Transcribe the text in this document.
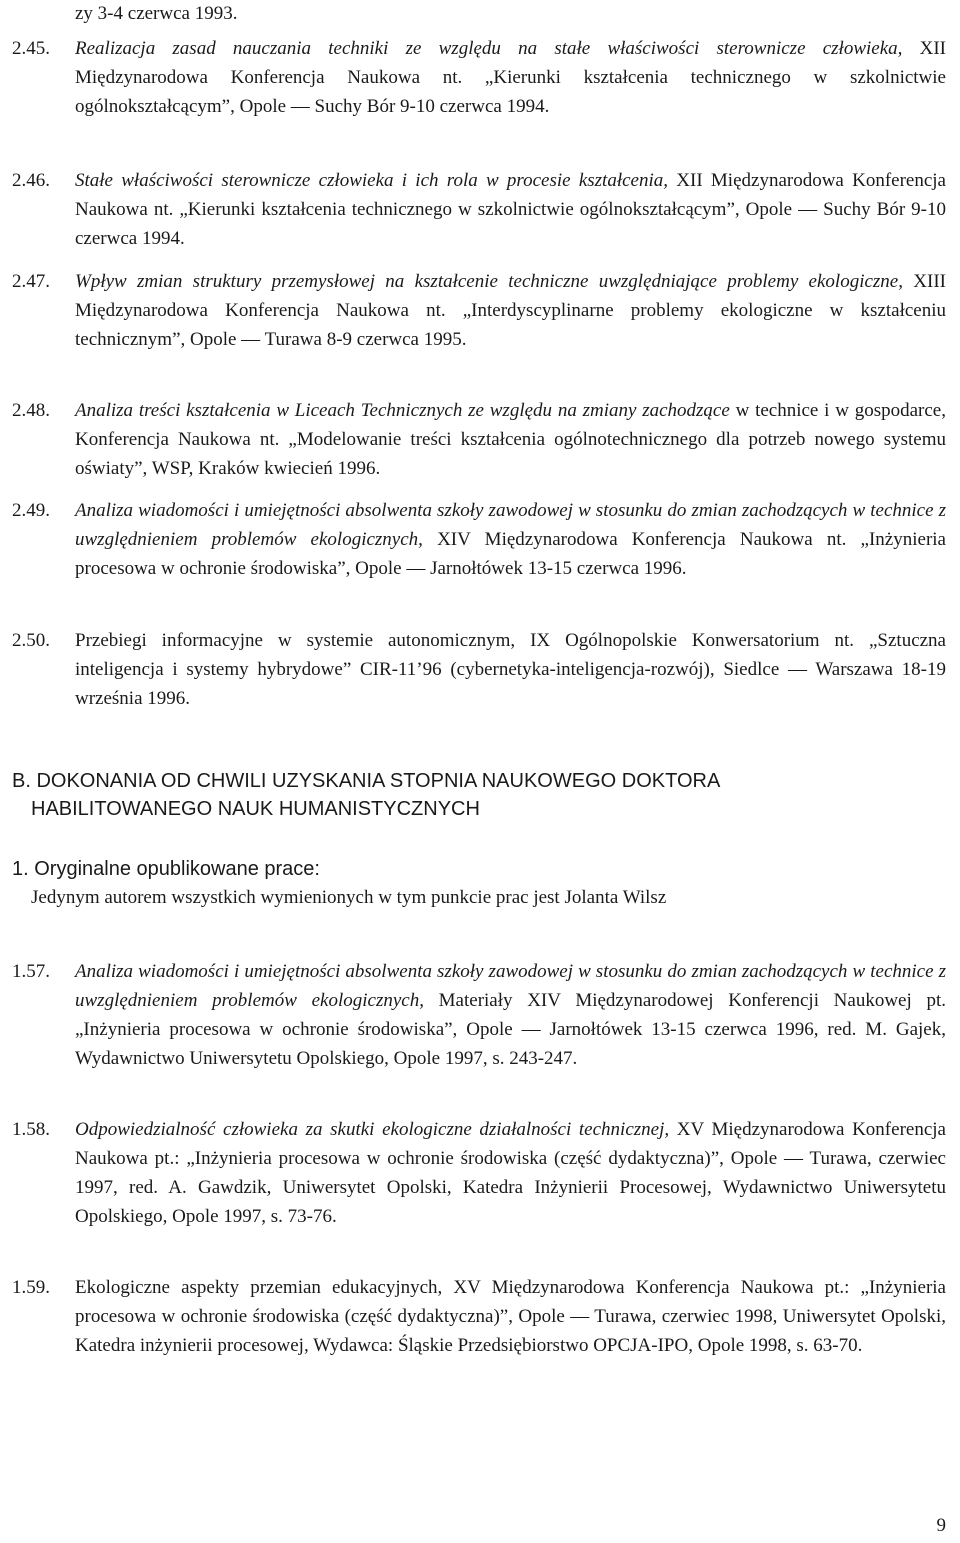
zy 3-4 czerwca 1993.
2.45. Realizacja zasad nauczania techniki ze względu na stałe właściwości sterownicze człowieka, XII Międzynarodowa Konferencja Naukowa nt. „Kierunki kształcenia technicznego w szkolnictwie ogólnokształcącym”, Opole — Suchy Bór 9-10 czerwca 1994.
2.46. Stałe właściwości sterownicze człowieka i ich rola w procesie kształcenia, XII Międzynarodowa Konferencja Naukowa nt. „Kierunki kształcenia technicznego w szkolnictwie ogólnokształcącym”, Opole — Suchy Bór 9-10 czerwca 1994.
2.47. Wpływ zmian struktury przemysłowej na kształcenie techniczne uwzględniające problemy ekologiczne, XIII Międzynarodowa Konferencja Naukowa nt. „Interdyscyplinarne problemy ekologiczne w kształceniu technicznym”, Opole — Turawa 8-9 czerwca 1995.
2.48. Analiza treści kształcenia w Liceach Technicznych ze względu na zmiany zachodzące w technice i w gospodarce, Konferencja Naukowa nt. „Modelowanie treści kształcenia ogólnotechnicznego dla potrzeb nowego systemu oświaty”, WSP, Kraków kwiecień 1996.
2.49. Analiza wiadomości i umiejętności absolwenta szkoły zawodowej w stosunku do zmian zachodzących w technice z uwzględnieniem problemów ekologicznych, XIV Międzynarodowa Konferencja Naukowa nt. „Inżynieria procesowa w ochronie środowiska”, Opole — Jarnołtówek 13-15 czerwca 1996.
2.50. Przebiegi informacyjne w systemie autonomicznym, IX Ogólnopolskie Konwersatorium nt. „Sztuczna inteligencja i systemy hybrydowe” CIR-11’96 (cybernetyka-inteligencja-rozwój), Siedlce — Warszawa 18-19 września 1996.
B. DOKONANIA OD CHWILI UZYSKANIA STOPNIA NAUKOWEGO DOKTORA
HABILITOWANEGO NAUK HUMANISTYCZNYCH
1. Oryginalne opublikowane prace:
Jedynym autorem wszystkich wymienionych w tym punkcie prac jest Jolanta Wilsz
1.57. Analiza wiadomości i umiejętności absolwenta szkoły zawodowej w stosunku do zmian zachodzących w technice z uwzględnieniem problemów ekologicznych, Materiały XIV Międzynarodowej Konferencji Naukowej pt. „Inżynieria procesowa w ochronie środowiska”, Opole — Jarnołtówek 13-15 czerwca 1996, red. M. Gajek, Wydawnictwo Uniwersytetu Opolskiego, Opole 1997, s. 243-247.
1.58. Odpowiedzialność człowieka za skutki ekologiczne działalności technicznej, XV Międzynarodowa Konferencja Naukowa pt.: „Inżynieria procesowa w ochronie środowiska (część dydaktyczna)”, Opole — Turawa, czerwiec 1997, red. A. Gawdzik, Uniwersytet Opolski, Katedra Inżynierii Procesowej, Wydawnictwo Uniwersytetu Opolskiego, Opole 1997, s. 73-76.
1.59. Ekologiczne aspekty przemian edukacyjnych, XV Międzynarodowa Konferencja Naukowa pt.: „Inżynieria procesowa w ochronie środowiska (część dydaktyczna)”, Opole — Turawa, czerwiec 1998, Uniwersytet Opolski, Katedra inżynierii procesowej, Wydawca: Śląskie Przedsiębiorstwo OPCJA-IPO, Opole 1998, s. 63-70.
9
